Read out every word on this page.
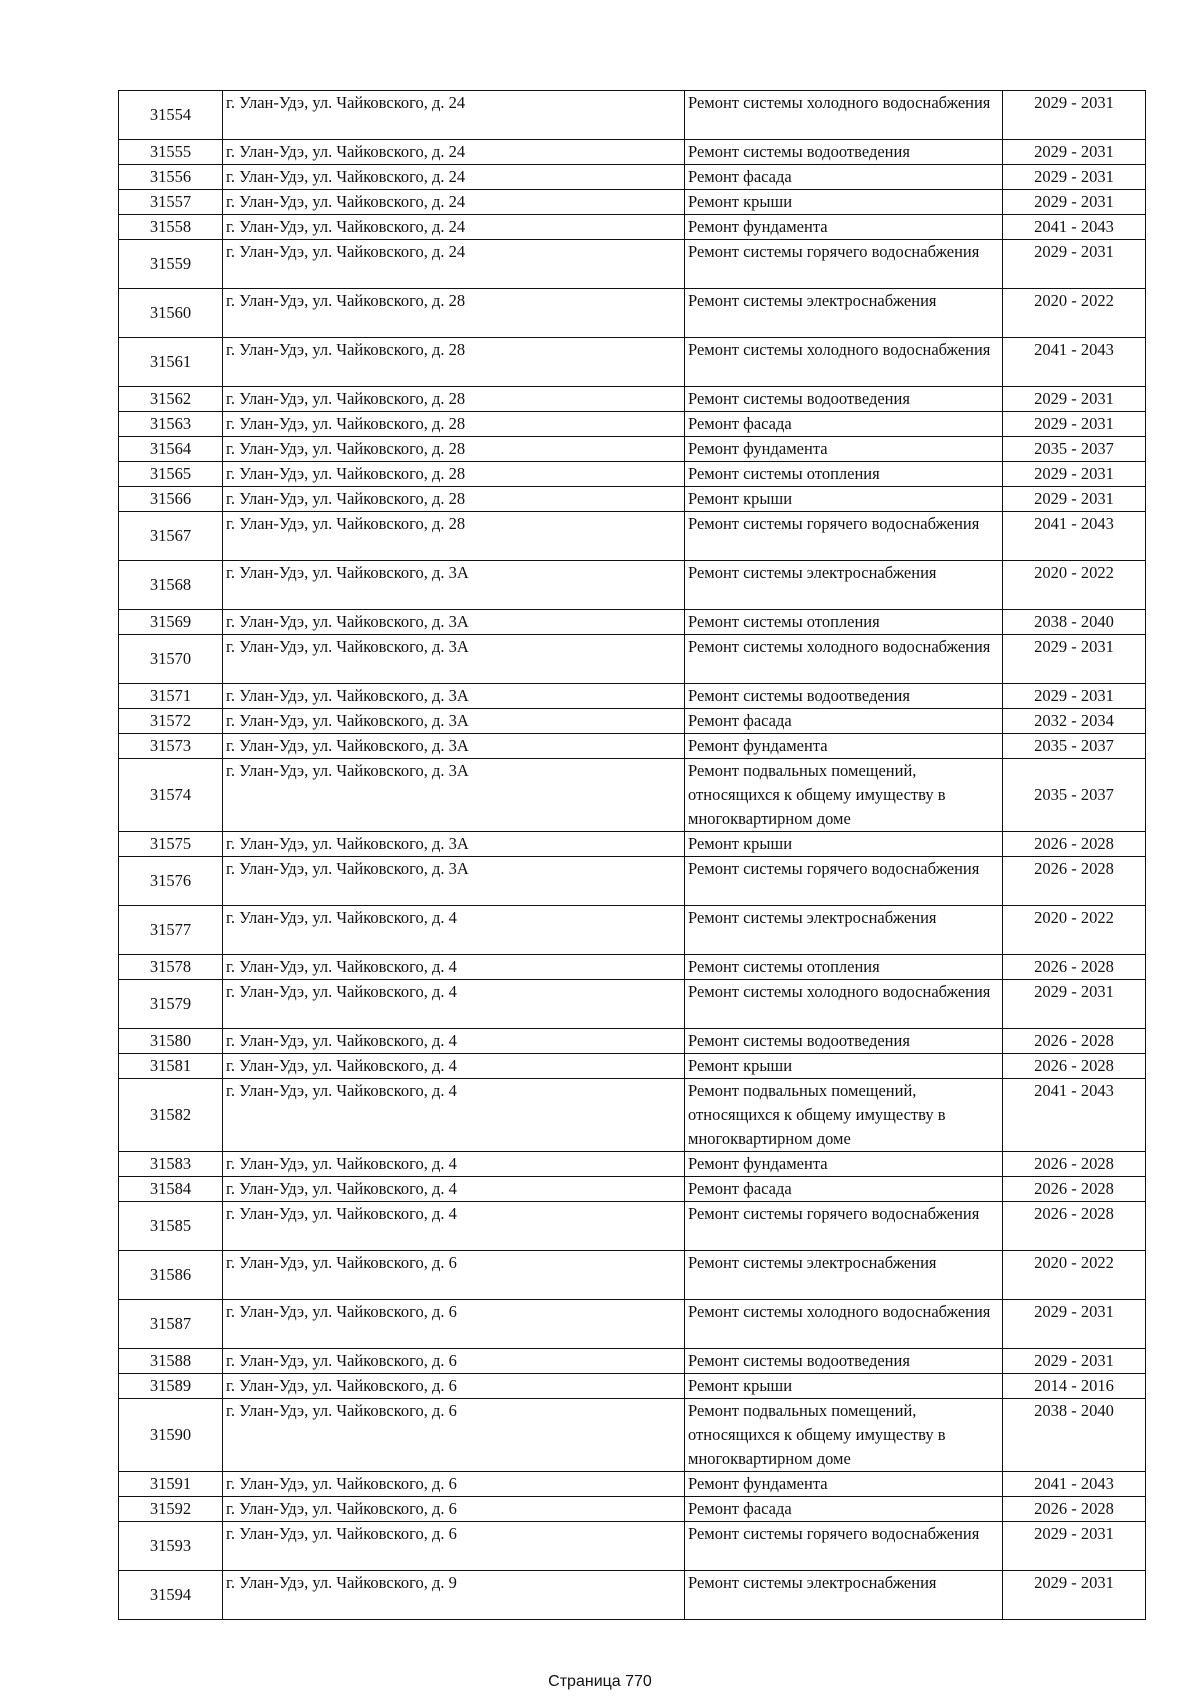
31554	г. Улан-Удэ, ул. Чайковского, д. 24	Ремонт системы холодного водоснабжения	2029 - 2031
31555	г. Улан-Удэ, ул. Чайковского, д. 24	Ремонт системы водоотведения	2029 - 2031
31556	г. Улан-Удэ, ул. Чайковского, д. 24	Ремонт фасада	2029 - 2031
31557	г. Улан-Удэ, ул. Чайковского, д. 24	Ремонт крыши	2029 - 2031
31558	г. Улан-Удэ, ул. Чайковского, д. 24	Ремонт фундамента	2041 - 2043
31559	г. Улан-Удэ, ул. Чайковского, д. 24	Ремонт системы горячего водоснабжения	2029 - 2031
31560	г. Улан-Удэ, ул. Чайковского, д. 28	Ремонт системы электроснабжения	2020 - 2022
31561	г. Улан-Удэ, ул. Чайковского, д. 28	Ремонт системы холодного водоснабжения	2041 - 2043
31562	г. Улан-Удэ, ул. Чайковского, д. 28	Ремонт системы водоотведения	2029 - 2031
31563	г. Улан-Удэ, ул. Чайковского, д. 28	Ремонт фасада	2029 - 2031
31564	г. Улан-Удэ, ул. Чайковского, д. 28	Ремонт фундамента	2035 - 2037
31565	г. Улан-Удэ, ул. Чайковского, д. 28	Ремонт системы отопления	2029 - 2031
31566	г. Улан-Удэ, ул. Чайковского, д. 28	Ремонт крыши	2029 - 2031
31567	г. Улан-Удэ, ул. Чайковского, д. 28	Ремонт системы горячего водоснабжения	2041 - 2043
31568	г. Улан-Удэ, ул. Чайковского, д. 3А	Ремонт системы электроснабжения	2020 - 2022
31569	г. Улан-Удэ, ул. Чайковского, д. 3А	Ремонт системы отопления	2038 - 2040
31570	г. Улан-Удэ, ул. Чайковского, д. 3А	Ремонт системы холодного водоснабжения	2029 - 2031
31571	г. Улан-Удэ, ул. Чайковского, д. 3А	Ремонт системы водоотведения	2029 - 2031
31572	г. Улан-Удэ, ул. Чайковского, д. 3А	Ремонт фасада	2032 - 2034
31573	г. Улан-Удэ, ул. Чайковского, д. 3А	Ремонт фундамента	2035 - 2037
31574	г. Улан-Удэ, ул. Чайковского, д. 3А	Ремонт подвальных помещений, относящихся к общему имуществу в многоквартирном доме	2035 - 2037
31575	г. Улан-Удэ, ул. Чайковского, д. 3А	Ремонт крыши	2026 - 2028
31576	г. Улан-Удэ, ул. Чайковского, д. 3А	Ремонт системы горячего водоснабжения	2026 - 2028
31577	г. Улан-Удэ, ул. Чайковского, д. 4	Ремонт системы электроснабжения	2020 - 2022
31578	г. Улан-Удэ, ул. Чайковского, д. 4	Ремонт системы отопления	2026 - 2028
31579	г. Улан-Удэ, ул. Чайковского, д. 4	Ремонт системы холодного водоснабжения	2029 - 2031
31580	г. Улан-Удэ, ул. Чайковского, д. 4	Ремонт системы водоотведения	2026 - 2028
31581	г. Улан-Удэ, ул. Чайковского, д. 4	Ремонт крыши	2026 - 2028
31582	г. Улан-Удэ, ул. Чайковского, д. 4	Ремонт подвальных помещений, относящихся к общему имуществу в многоквартирном доме	2041 - 2043
31583	г. Улан-Удэ, ул. Чайковского, д. 4	Ремонт фундамента	2026 - 2028
31584	г. Улан-Удэ, ул. Чайковского, д. 4	Ремонт фасада	2026 - 2028
31585	г. Улан-Удэ, ул. Чайковского, д. 4	Ремонт системы горячего водоснабжения	2026 - 2028
31586	г. Улан-Удэ, ул. Чайковского, д. 6	Ремонт системы электроснабжения	2020 - 2022
31587	г. Улан-Удэ, ул. Чайковского, д. 6	Ремонт системы холодного водоснабжения	2029 - 2031
31588	г. Улан-Удэ, ул. Чайковского, д. 6	Ремонт системы водоотведения	2029 - 2031
31589	г. Улан-Удэ, ул. Чайковского, д. 6	Ремонт крыши	2014 - 2016
31590	г. Улан-Удэ, ул. Чайковского, д. 6	Ремонт подвальных помещений, относящихся к общему имуществу в многоквартирном доме	2038 - 2040
31591	г. Улан-Удэ, ул. Чайковского, д. 6	Ремонт фундамента	2041 - 2043
31592	г. Улан-Удэ, ул. Чайковского, д. 6	Ремонт фасада	2026 - 2028
31593	г. Улан-Удэ, ул. Чайковского, д. 6	Ремонт системы горячего водоснабжения	2029 - 2031
31594	г. Улан-Удэ, ул. Чайковского, д. 9	Ремонт системы электроснабжения	2029 - 2031
Страница 770
